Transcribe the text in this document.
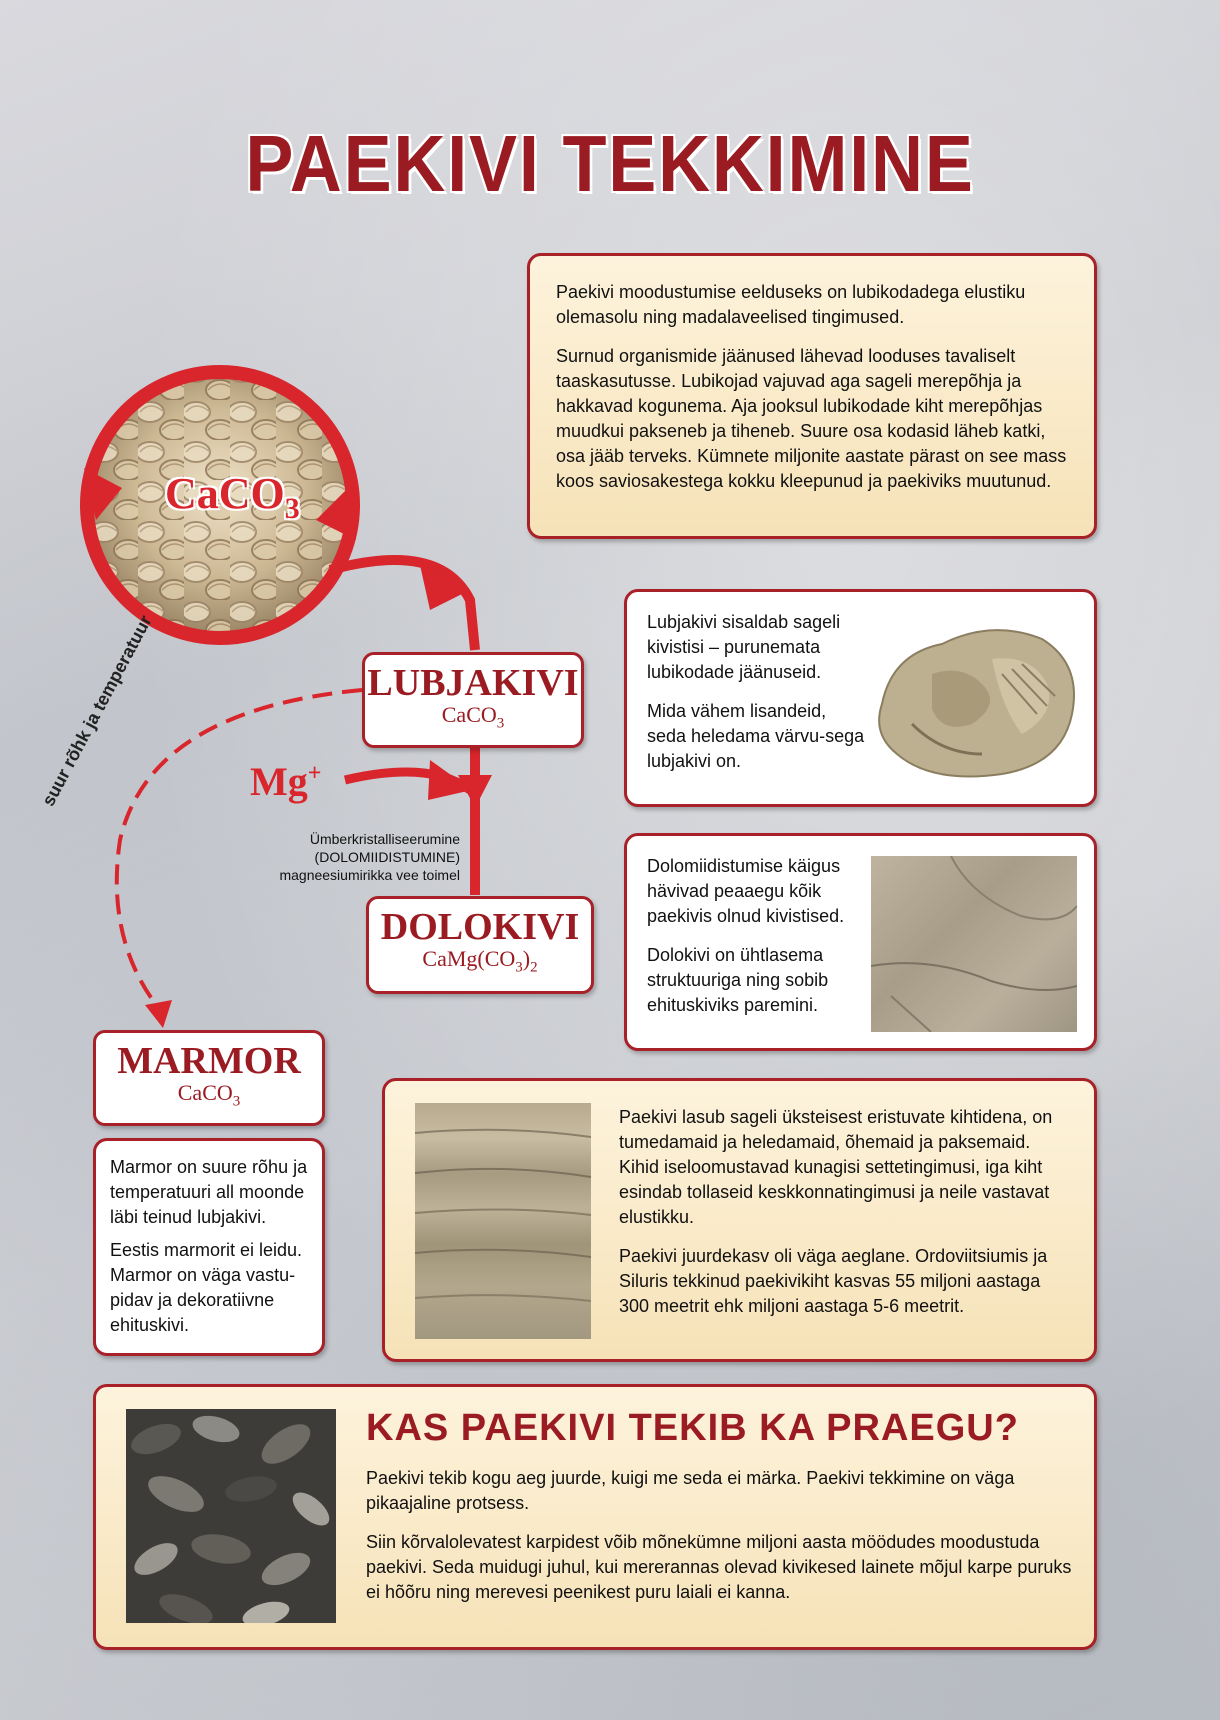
PAEKIVI TEKKIMINE
CaCO$_3$
suur rõhk ja temperatuur	Mg+
Ümberkristalliseerumine
(DOLOMIIDISTUMINE)
magneesiumirikka vee toimel
LUBJAKIVI
CaCO$_3$
DOLOKIVI
$CaMg(CO_3)_2$
MARMOR
CaCO$_3$

Paekivi moodustumise eelduseks on lubikodadega elustiku olemasolu ning madalaveelised tingimused.

Surnud organismide jäänused lähevad looduses tavaliselt taaskasutusse. Lubikojad vajuvad aga sageli merepõhja ja hakkavad kogunema. Aja jooksul lubikodade kiht merepõhjas muudkui pakseneb ja tiheneb. Suure osa kodasid läheb katki, osa jääb terveks. Kümnete miljonite aastate pärast on see mass koos saviosakestega kokku kleepunud ja paekiviks muutunud.

Lubjakivi sisaldab sageli kivistisi – purunemata lubikodade jäänuseid.

Mida vähem lisandeid, seda heledama värvu-sega lubjakivi on.

Dolomiidistumise käigus hävivad peaaegu kõik paekivis olnud kivistised.

Dolokivi on ühtlasema struktuuriga ning sobib ehituskiviks paremini.

Marmor on suure rõhu ja temperatuuri all moonde läbi teinud lubjakivi.

Eestis marmorit ei leidu. Marmor on väga vastu-pidav ja dekoratiivne ehituskivi.

Paekivi lasub sageli üksteisest eristuvate kihtidena, on tumedamaid ja heledamaid, õhemaid ja paksemaid. Kihid iseloomustavad kunagisi settetingimusi, iga kiht esindab tollaseid keskkonnatingimusi ja neile vastavat elustikku.

Paekivi juurdekasv oli väga aeglane. Ordoviitsiumis ja Siluris tekkinud paekivikiht kasvas 55 miljoni aastaga 300 meetrit ehk miljoni aastaga 5-6 meetrit.

KAS PAEKIVI TEKIB KA PRAEGU?

Paekivi tekib kogu aeg juurde, kuigi me seda ei märka. Paekivi tekkimine on väga pikaajaline protsess.

Siin kõrvalolevatest karpidest võib mõnekümne miljoni aasta möödudes moodustuda paekivi. Seda muidugi juhul, kui mererannas olevad kivikesed lainete mõjul karpe puruks ei hõõru ning merevesi peenikest puru laiali ei kanna.
